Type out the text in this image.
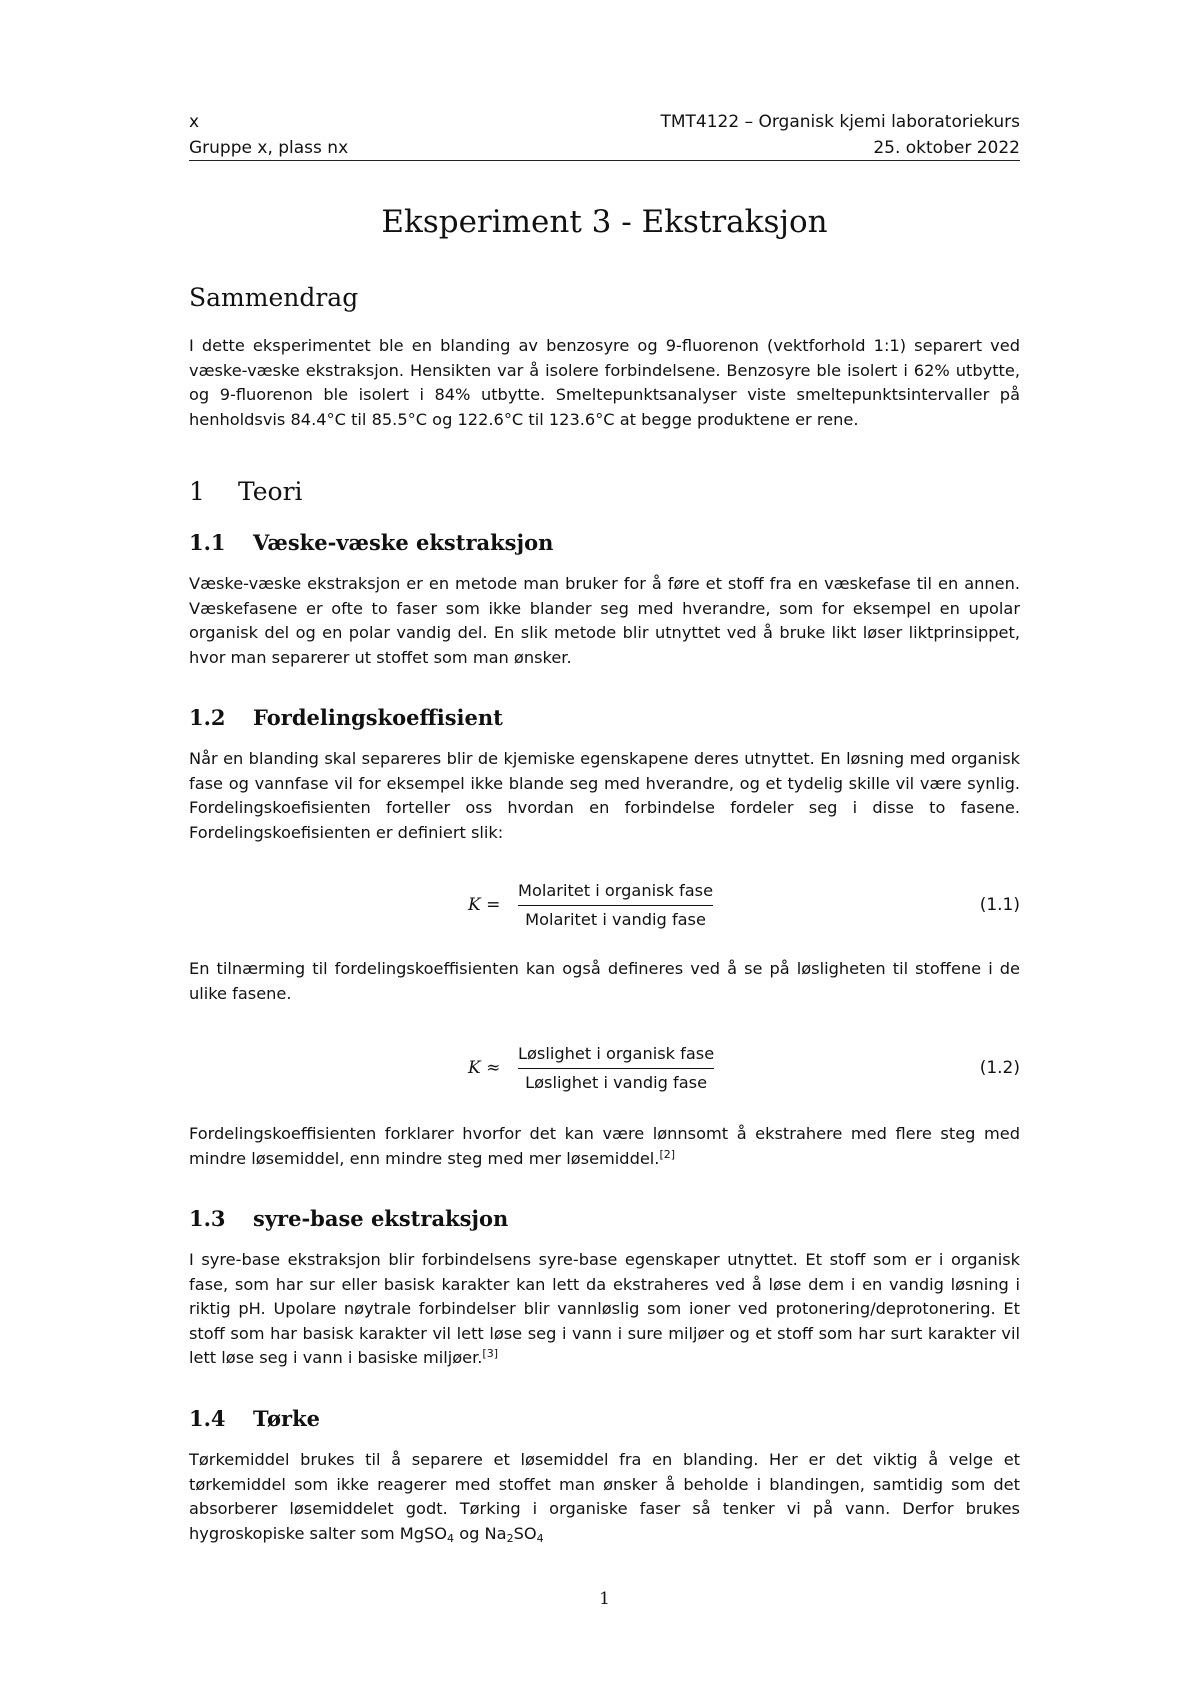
x	TMT4122 – Organisk kjemi laboratoriekurs
Gruppe x, plass nx	25. oktober 2022
Eksperiment 3 - Ekstraksjon
Sammendrag

I dette eksperimentet ble en blanding av benzosyre og 9-fluorenon (vektforhold 1:1) separert ved væske-væske ekstraksjon. Hensikten var å isolere forbindelsene. Benzosyre ble isolert i 62% utbytte, og 9-fluorenon ble isolert i 84% utbytte. Smeltepunktsanalyser viste smeltepunktsintervaller på henholdsvis 84.4°C til 85.5°C og 122.6°C til 123.6°C at begge produktene er rene.

1 Teori
1.1 Væske-væske ekstraksjon

Væske-væske ekstraksjon er en metode man bruker for å føre et stoff fra en væskefase til en annen. Væskefasene er ofte to faser som ikke blander seg med hverandre, som for eksempel en upolar organisk del og en polar vandig del. En slik metode blir utnyttet ved å bruke likt løser liktprinsippet, hvor man separerer ut stoffet som man ønsker.

1.2 Fordelingskoeffisient

Når en blanding skal separeres blir de kjemiske egenskapene deres utnyttet. En løsning med organisk fase og vannfase vil for eksempel ikke blande seg med hverandre, og et tydelig skille vil være synlig. Fordelingskoefisienten forteller oss hvordan en forbindelse fordeler seg i disse to fasene. Fordelingskoefisienten er definiert slik:

K =
Molaritet i organisk fase
Molaritet i vandig fase
(1.1)

En tilnærming til fordelingskoeffisienten kan også defineres ved å se på løsligheten til stoffene i de ulike fasene.

K ≈
Løslighet i organisk fase
Løslighet i vandig fase
(1.2)

Fordelingskoeffisienten forklarer hvorfor det kan være lønnsomt å ekstrahere med flere steg med mindre løsemiddel, enn mindre steg med mer løsemiddel.[2]

1.3 syre-base ekstraksjon

I syre-base ekstraksjon blir forbindelsens syre-base egenskaper utnyttet. Et stoff som er i organisk fase, som har sur eller basisk karakter kan lett da ekstraheres ved å løse dem i en vandig løsning i riktig pH. Upolare nøytrale forbindelser blir vannløslig som ioner ved protonering/deprotonering. Et stoff som har basisk karakter vil lett løse seg i vann i sure miljøer og et stoff som har surt karakter vil lett løse seg i vann i basiske miljøer.[3]

1.4 Tørke

Tørkemiddel brukes til å separere et løsemiddel fra en blanding. Her er det viktig å velge et tørkemiddel som ikke reagerer med stoffet man ønsker å beholde i blandingen, samtidig som det absorberer løsemiddelet godt. Tørking i organiske faser så tenker vi på vann. Derfor brukes hygroskopiske salter som MgSO$_4$ og $Na_2SO_4$

1
